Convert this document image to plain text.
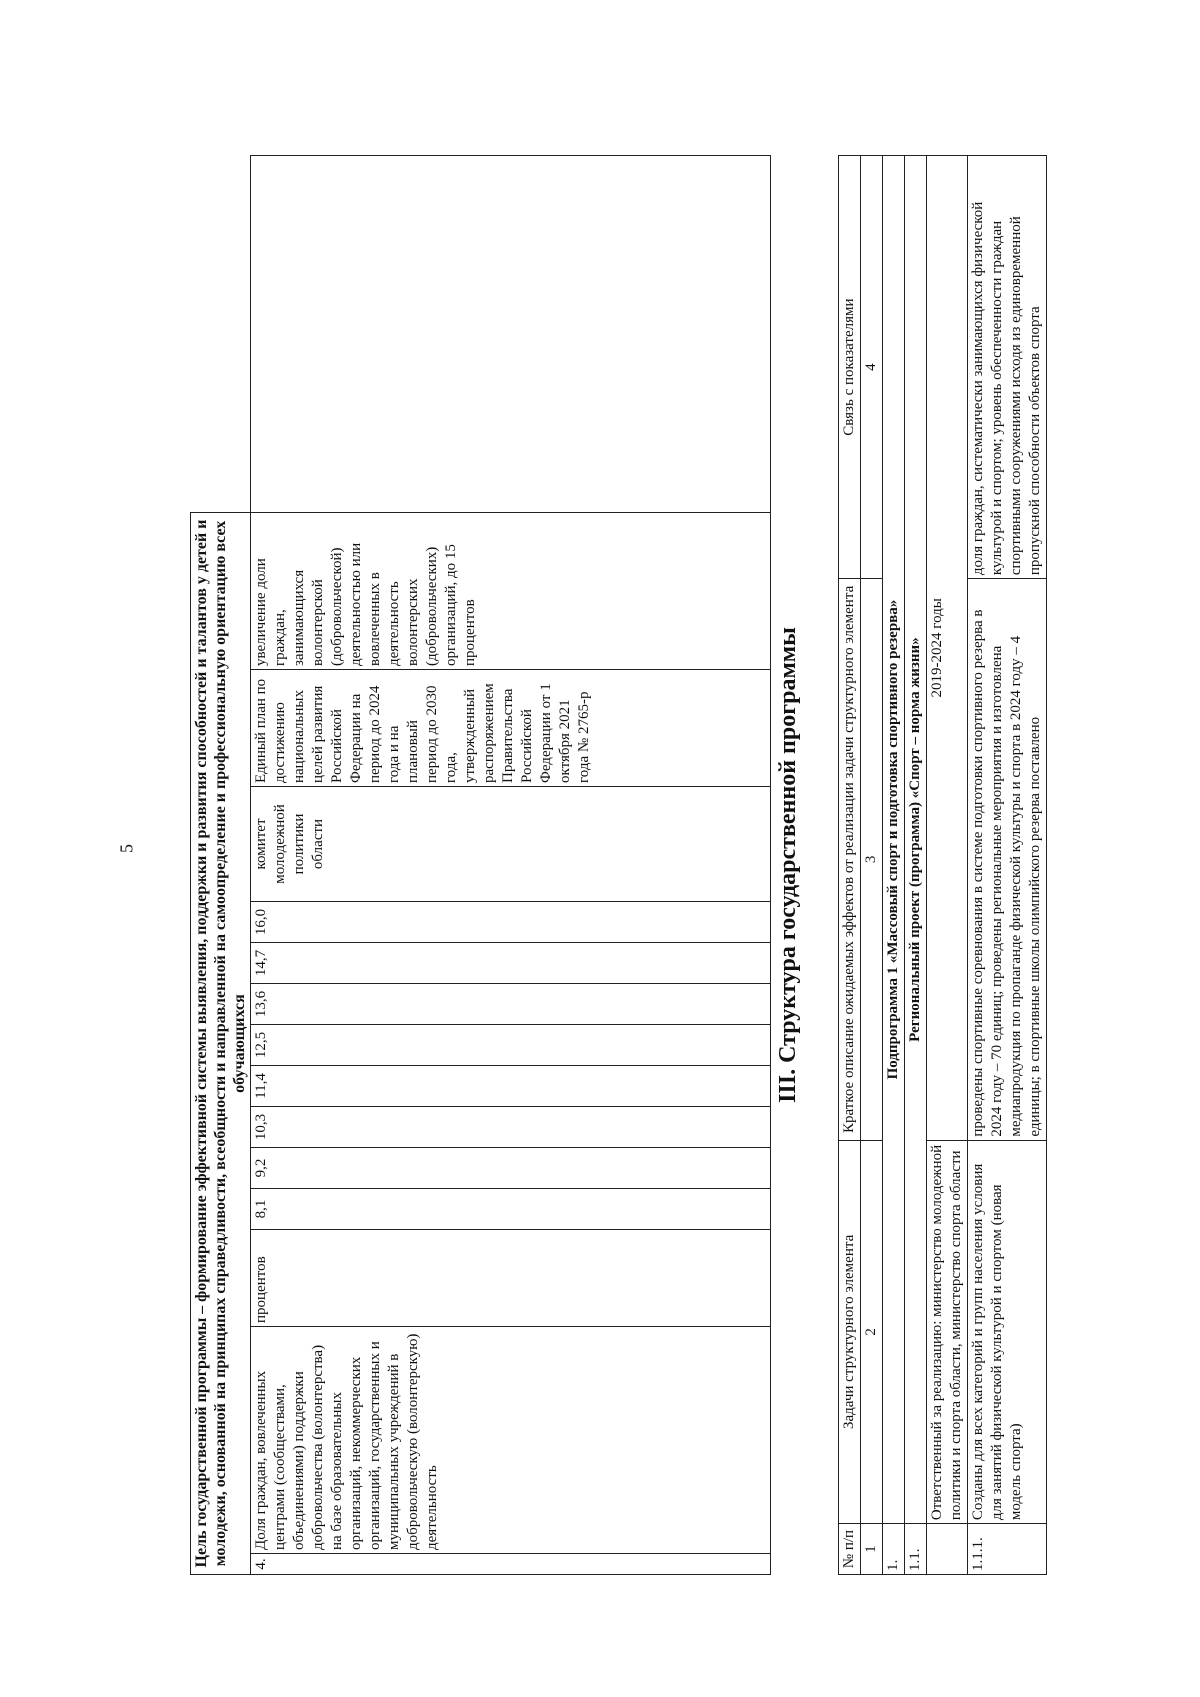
5	Цель государственной программы – формирование эффективной системы выявления, поддержки и развития способностей и талантов у детей и молодежи, основанной на принципах справедливости, всеобщности и направленной на самоопределение и профессиональную ориентацию всех обучающихся
4.	Доля граждан, вовлеченных центрами (сообществами, объединениями) поддержки добровольчества (волонтерства) на базе образовательных организаций, некоммерческих организаций, государственных и муниципальных учреждений в добровольческую (волонтерскую) деятельность	процентов	8,1	9,2	10,3	11,4	12,5	13,6	14,7	16,0	комитет молодежной политики области	Единый план по достижению национальных целей развития Российской Федерации на период до 2024 года и на плановый период до 2030 года, утвержденный распоряжением Правительства Российской Федерации от 1 октября 2021 года № 2765-р	увеличение доли граждан, занимающихся волонтерской (добровольческой) деятельностью или вовлеченных в деятельность волонтерских (добровольческих) организаций, до 15 процентов		III. Структура государственной программы
№ п/п	Задачи структурного элемента	Краткое описание ожидаемых эффектов от реализации задачи структурного элемента	Связь с показателями
1	2	3	4
1.	Подпрограмма 1 «Массовый спорт и подготовка спортивного резерва»		
1.1.	Региональный проект (программа) «Спорт – норма жизни»		
	Ответственный за реализацию: министерство молодежной политики и спорта области, министерство спорта области	2019-2024 годы	
1.1.1.	Созданы для всех категорий и групп населения условия для занятий физической культурой и спортом (новая модель спорта)	проведены спортивные соревнования в системе подготовки спортивного резерва в 2024 году – 70 единиц; проведены региональные мероприятия и изготовлена медиапродукция по пропаганде физической культуры и спорта в 2024 году – 4 единицы; в спортивные школы олимпийского резерва поставлено	доля граждан, систематически занимающихся физической культурой и спортом; уровень обеспеченности граждан спортивными сооружениями исходя из единовременной пропускной способности объектов спорта
